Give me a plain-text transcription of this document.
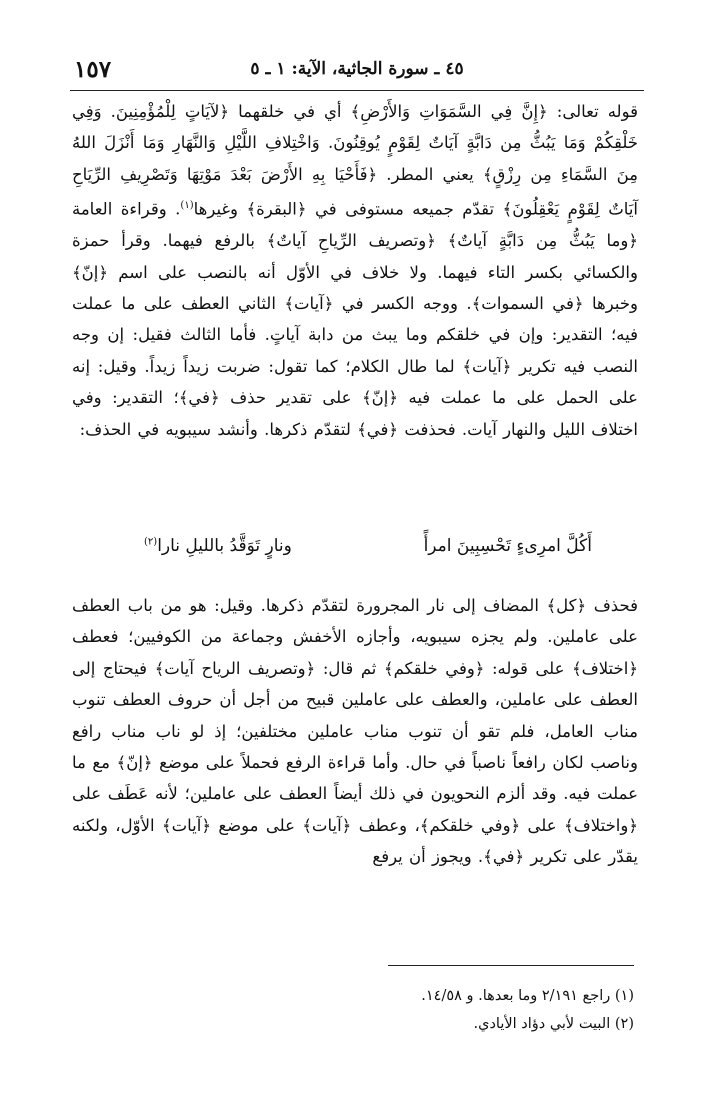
١٥٧	٤٥ ـ سورة الجاثية، الآية: ١ ـ ٥

قوله تعالى: ﴿إِنَّ فِي السَّمَوَاتِ وَالأَرْضِ﴾ أي في خلقهما ﴿لآيَاتٍ لِلْمُؤْمِنِينَ. وَفِي خَلْقِكُمْ وَمَا يَبُثُّ مِن دَابَّةٍ آيَاتٌ لِقَوْمٍ يُوقِنُونَ. وَاخْتِلافِ اللَّيْلِ وَالنَّهَارِ وَمَا أَنْزَلَ اللهُ مِنَ السَّمَاءِ مِن رِزْقٍ﴾ يعني المطر. ﴿فَأَحْيَا بِهِ الأَرْضَ بَعْدَ مَوْتِهَا وَتَصْرِيفِ الرِّيَاحِ آيَاتٌ لِقَوْمٍ يَعْقِلُونَ﴾ تقدّم جميعه مستوفى في ﴿البقرة﴾ وغيرها$^{(١)}$. وقراءة العامة ﴿وما يَبُثُّ مِن دَابَّةٍ آياتٌ﴾ ﴿وتصريف الرِّياحِ آياتٌ﴾ بالرفع فيهما. وقرأ حمزة والكسائي بكسر التاء فيهما. ولا خلاف في الأوّل أنه بالنصب على اسم ﴿إنّ﴾ وخبرها ﴿في السموات﴾. ووجه الكسر في ﴿آيات﴾ الثاني العطف على ما عملت فيه؛ التقدير: وإن في خلقكم وما يبث من دابة آياتٍ. فأما الثالث فقيل: إن وجه النصب فيه تكرير ﴿آيات﴾ لما طال الكلام؛ كما تقول: ضربت زيداً زيداً. وقيل: إنه على الحمل على ما عملت فيه ﴿إنّ﴾ على تقدير حذف ﴿في﴾؛ التقدير: وفي اختلاف الليل والنهار آيات. فحذفت ﴿في﴾ لتقدّم ذكرها. وأنشد سيبويه في الحذف:

أَكُلَّ امرِىءٍ تَحْسِبِينَ امرأً
ونارٍ تَوَقَّدُ بالليلِ نارا$^{(٢)}$

فحذف ﴿كل﴾ المضاف إلى نار المجرورة لتقدّم ذكرها. وقيل: هو من باب العطف على عاملين. ولم يجزه سيبويه، وأجازه الأخفش وجماعة من الكوفيين؛ فعطف ﴿اختلاف﴾ على قوله: ﴿وفي خلقكم﴾ ثم قال: ﴿وتصريف الرياح آيات﴾ فيحتاج إلى العطف على عاملين، والعطف على عاملين قبيح من أجل أن حروف العطف تنوب مناب العامل، فلم تقو أن تنوب مناب عاملين مختلفين؛ إذ لو ناب مناب رافع وناصب لكان رافعاً ناصباً في حال. وأما قراءة الرفع فحملاً على موضع ﴿إنّ﴾ مع ما عملت فيه. وقد ألزم النحويون في ذلك أيضاً العطف على عاملين؛ لأنه عَطَف على ﴿واختلاف﴾ على ﴿وفي خلقكم﴾، وعطف ﴿آيات﴾ على موضع ﴿آيات﴾ الأوّل، ولكنه يقدّر على تكرير ﴿في﴾. ويجوز أن يرفع

(١) راجع ٢/١٩١ وما بعدها. و ١٤/٥٨.

(٢) البيت لأبي دؤاد الأيادي.
